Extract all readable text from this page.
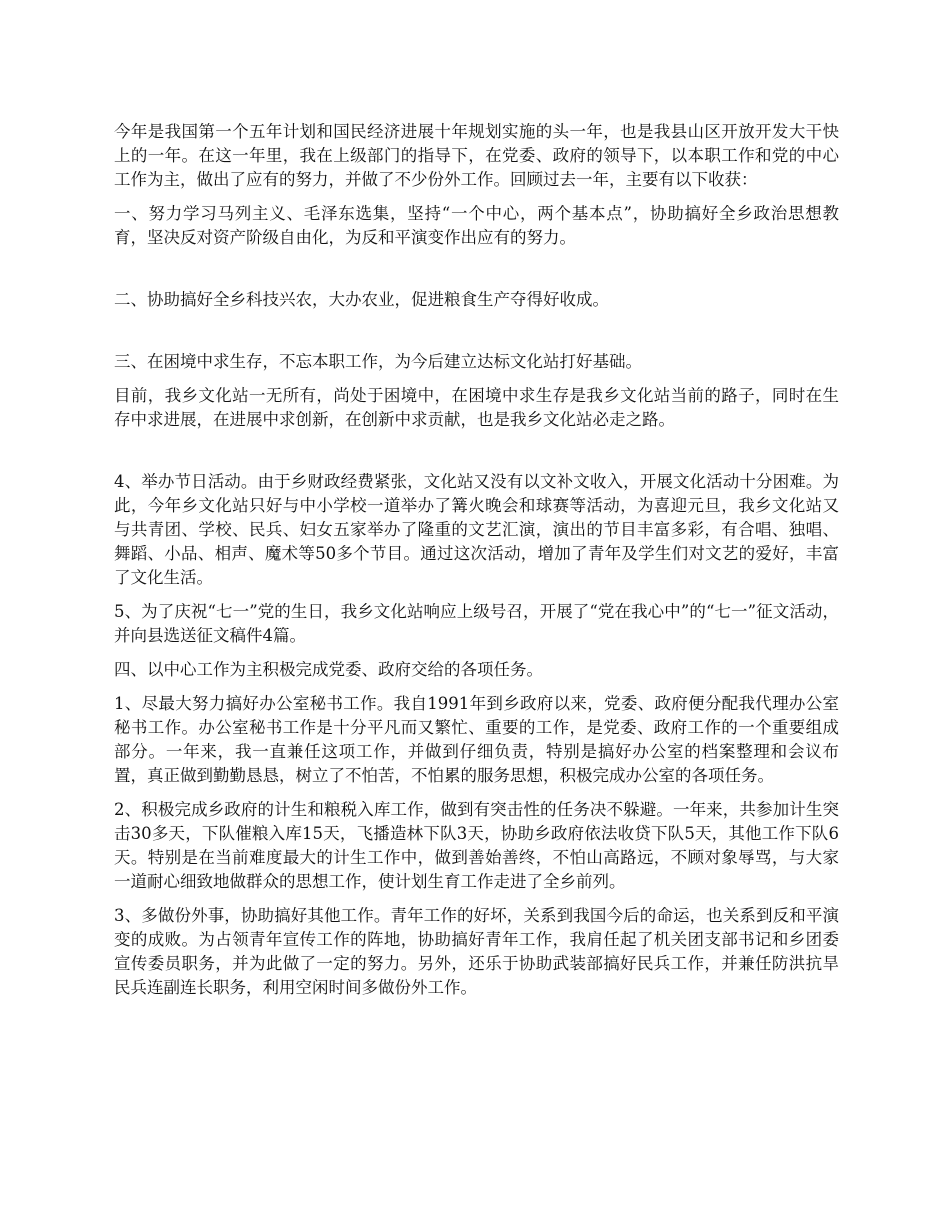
今年是我国第一个五年计划和国民经济进展十年规划实施的头一年，也是我县山区开放开发大干快上的一年。在这一年里，我在上级部门的指导下，在党委、政府的领导下，以本职工作和党的中心工作为主，做出了应有的努力，并做了不少份外工作。回顾过去一年，主要有以下收获：

一、努力学习马列主义、毛泽东选集，坚持“一个中心，两个基本点”，协助搞好全乡政治思想教育，坚决反对资产阶级自由化，为反和平演变作出应有的努力。

二、协助搞好全乡科技兴农，大办农业，促进粮食生产夺得好收成。

三、在困境中求生存，不忘本职工作，为今后建立达标文化站打好基础。

目前，我乡文化站一无所有，尚处于困境中，在困境中求生存是我乡文化站当前的路子，同时在生存中求进展，在进展中求创新，在创新中求贡献，也是我乡文化站必走之路。

4、举办节日活动。由于乡财政经费紧张，文化站又没有以文补文收入，开展文化活动十分困难。为此，今年乡文化站只好与中小学校一道举办了篝火晚会和球赛等活动，为喜迎元旦，我乡文化站又与共青团、学校、民兵、妇女五家举办了隆重的文艺汇演，演出的节目丰富多彩，有合唱、独唱、舞蹈、小品、相声、魔术等50多个节目。通过这次活动，增加了青年及学生们对文艺的爱好，丰富了文化生活。

5、为了庆祝“七一”党的生日，我乡文化站响应上级号召，开展了“党在我心中”的“七一”征文活动，并向县选送征文稿件4篇。

四、以中心工作为主积极完成党委、政府交给的各项任务。

1、尽最大努力搞好办公室秘书工作。我自1991年到乡政府以来，党委、政府便分配我代理办公室秘书工作。办公室秘书工作是十分平凡而又繁忙、重要的工作，是党委、政府工作的一个重要组成部分。一年来，我一直兼任这项工作，并做到仔细负责，特别是搞好办公室的档案整理和会议布置，真正做到勤勤恳恳，树立了不怕苦，不怕累的服务思想，积极完成办公室的各项任务。

2、积极完成乡政府的计生和粮税入库工作，做到有突击性的任务决不躲避。一年来，共参加计生突击30多天，下队催粮入库15天，飞播造林下队3天，协助乡政府依法收贷下队5天，其他工作下队6天。特别是在当前难度最大的计生工作中，做到善始善终，不怕山高路远，不顾对象辱骂，与大家一道耐心细致地做群众的思想工作，使计划生育工作走进了全乡前列。

3、多做份外事，协助搞好其他工作。青年工作的好坏，关系到我国今后的命运，也关系到反和平演变的成败。为占领青年宣传工作的阵地，协助搞好青年工作，我肩任起了机关团支部书记和乡团委宣传委员职务，并为此做了一定的努力。另外，还乐于协助武装部搞好民兵工作，并兼任防洪抗旱民兵连副连长职务，利用空闲时间多做份外工作。
